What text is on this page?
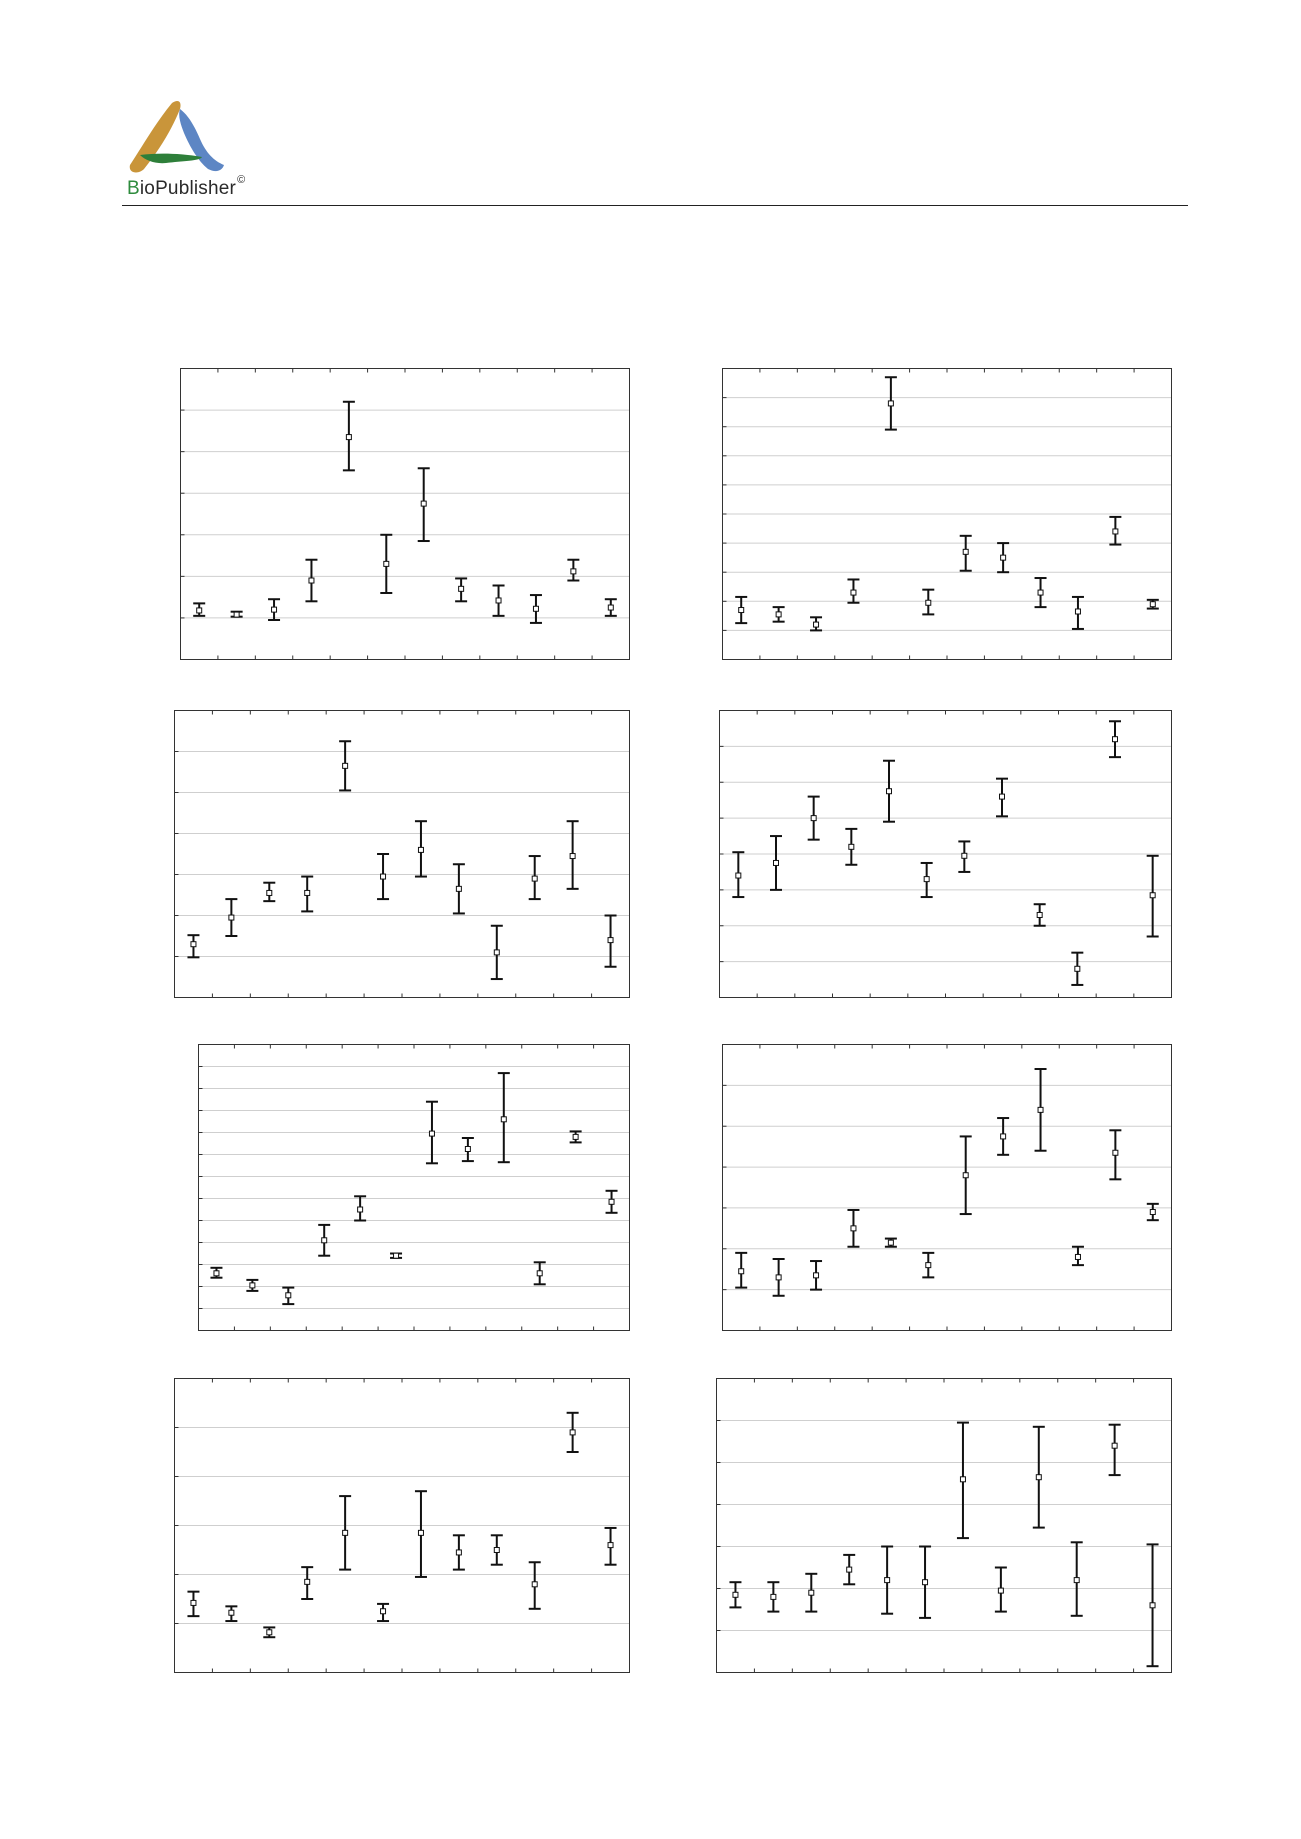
BioPublisher©
